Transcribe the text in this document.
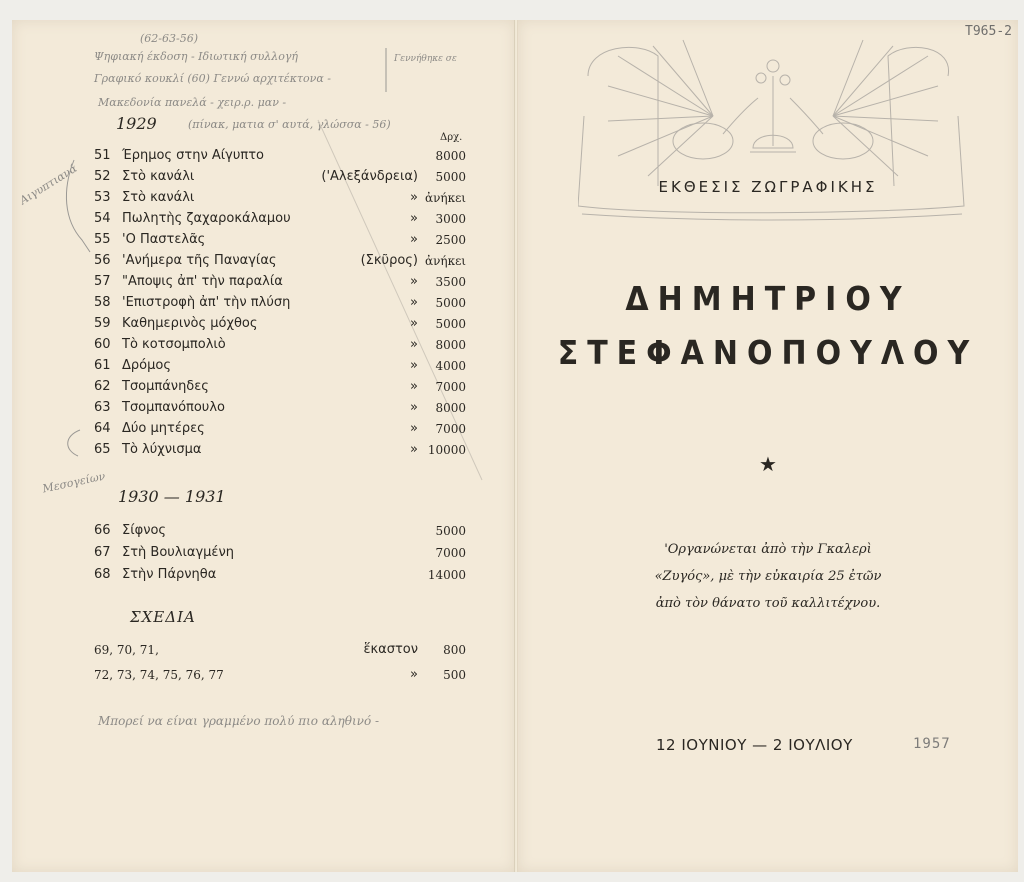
(62-63-56)
Ψηφιακή έκδοση - Ιδιωτική συλλογή
Γραφικό κουκλί (60) Γεννώ αρχιτέκτονα -
Μακεδονία πανελά - χειρ.ρ. μαν -
(πίνακ, ματια σ' αυτά, γλώσσα - 56)
Γεννήθηκε σε
Αιγυπτιανά
Μεσογείων
Μπορεί να είναι γραμμένο πολύ πιο αληθινό -
1929
Δρχ.
51 Έρημος στην Αίγυπτο	8000
52 Στὸ κανάλι	('Αλεξάνδρεια) 5000
53 Στὸ κανάλι	» ἀνήκει
54 Πωλητὴς ζαχαροκάλαμου	» 3000
55 'Ο Παστελᾶς	» 2500
56 'Ανήμερα τῆς Παναγίας	(Σκῦρος) ἀνήκει
57 "Αποψις ἀπ' τὴν παραλία	» 3500
58 'Επιστροφὴ ἀπ' τὴν πλύση	» 5000
59 Καθημερινὸς μόχθος	» 5000
60 Τὸ κοτσομπολιὸ	» 8000
61 Δρόμος	» 4000
62 Τσομπάνηδες	» 7000
63 Τσομπανόπουλο	» 8000
64 Δύο μητέρες	» 7000
65 Τὸ λύχνισμα	» 10000
1930 — 1931
66 Σίφνος	5000
67 Στὴ Βουλιαγμένη	7000
68 Στὴν Πάρνηθα	14000
ΣΧΕΔΙΑ
69, 70, 71,	ἕκαστον 800
72, 73, 74, 75, 76, 77	» 500
T965-2
ΕΚΘΕΣΙΣ ΖΩΓΡΑΦΙΚΗΣ
ΔΗΜΗΤΡΙΟΥ
ΣΤΕΦΑΝΟΠΟΥΛΟΥ
★
'Οργανώνεται ἀπὸ τὴν Γκαλερὶ
«Ζυγός», μὲ τὴν εὐκαιρία 25 ἐτῶν
ἀπὸ τὸν θάνατο τοῦ καλλιτέχνου.
12 ΙΟΥΝΙΟΥ — 2 ΙΟΥΛΙΟΥ	1957
